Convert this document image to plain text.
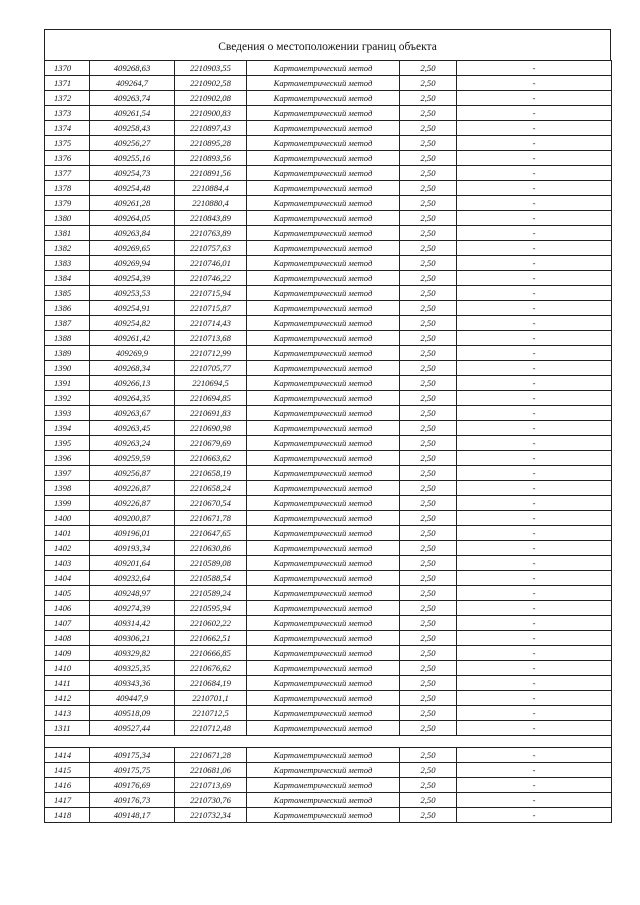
Сведения о местоположении границ объекта
1370	409268,63	2210903,55	Картометрический метод	2,50	-
1371	409264,7	2210902,58	Картометрический метод	2,50	-
1372	409263,74	2210902,08	Картометрический метод	2,50	-
1373	409261,54	2210900,83	Картометрический метод	2,50	-
1374	409258,43	2210897,43	Картометрический метод	2,50	-
1375	409256,27	2210895,28	Картометрический метод	2,50	-
1376	409255,16	2210893,56	Картометрический метод	2,50	-
1377	409254,73	2210891,56	Картометрический метод	2,50	-
1378	409254,48	2210884,4	Картометрический метод	2,50	-
1379	409261,28	2210880,4	Картометрический метод	2,50	-
1380	409264,05	2210843,89	Картометрический метод	2,50	-
1381	409263,84	2210763,89	Картометрический метод	2,50	-
1382	409269,65	2210757,63	Картометрический метод	2,50	-
1383	409269,94	2210746,01	Картометрический метод	2,50	-
1384	409254,39	2210746,22	Картометрический метод	2,50	-
1385	409253,53	2210715,94	Картометрический метод	2,50	-
1386	409254,91	2210715,87	Картометрический метод	2,50	-
1387	409254,82	2210714,43	Картометрический метод	2,50	-
1388	409261,42	2210713,68	Картометрический метод	2,50	-
1389	409269,9	2210712,99	Картометрический метод	2,50	-
1390	409268,34	2210705,77	Картометрический метод	2,50	-
1391	409266,13	2210694,5	Картометрический метод	2,50	-
1392	409264,35	2210694,85	Картометрический метод	2,50	-
1393	409263,67	2210691,83	Картометрический метод	2,50	-
1394	409263,45	2210690,98	Картометрический метод	2,50	-
1395	409263,24	2210679,69	Картометрический метод	2,50	-
1396	409259,59	2210663,62	Картометрический метод	2,50	-
1397	409256,87	2210658,19	Картометрический метод	2,50	-
1398	409226,87	2210658,24	Картометрический метод	2,50	-
1399	409226,87	2210670,54	Картометрический метод	2,50	-
1400	409200,87	2210671,78	Картометрический метод	2,50	-
1401	409196,01	2210647,65	Картометрический метод	2,50	-
1402	409193,34	2210630,86	Картометрический метод	2,50	-
1403	409201,64	2210589,08	Картометрический метод	2,50	-
1404	409232,64	2210588,54	Картометрический метод	2,50	-
1405	409248,97	2210589,24	Картометрический метод	2,50	-
1406	409274,39	2210595,94	Картометрический метод	2,50	-
1407	409314,42	2210602,22	Картометрический метод	2,50	-
1408	409306,21	2210662,51	Картометрический метод	2,50	-
1409	409329,82	2210666,85	Картометрический метод	2,50	-
1410	409325,35	2210676,62	Картометрический метод	2,50	-
1411	409343,36	2210684,19	Картометрический метод	2,50	-
1412	409447,9	2210701,1	Картометрический метод	2,50	-
1413	409518,09	2210712,5	Картометрический метод	2,50	-
1311	409527,44	2210712,48	Картометрический метод	2,50	-

1414	409175,34	2210671,28	Картометрический метод	2,50	-
1415	409175,75	2210681,06	Картометрический метод	2,50	-
1416	409176,69	2210713,69	Картометрический метод	2,50	-
1417	409176,73	2210730,76	Картометрический метод	2,50	-
1418	409148,17	2210732,34	Картометрический метод	2,50	-
